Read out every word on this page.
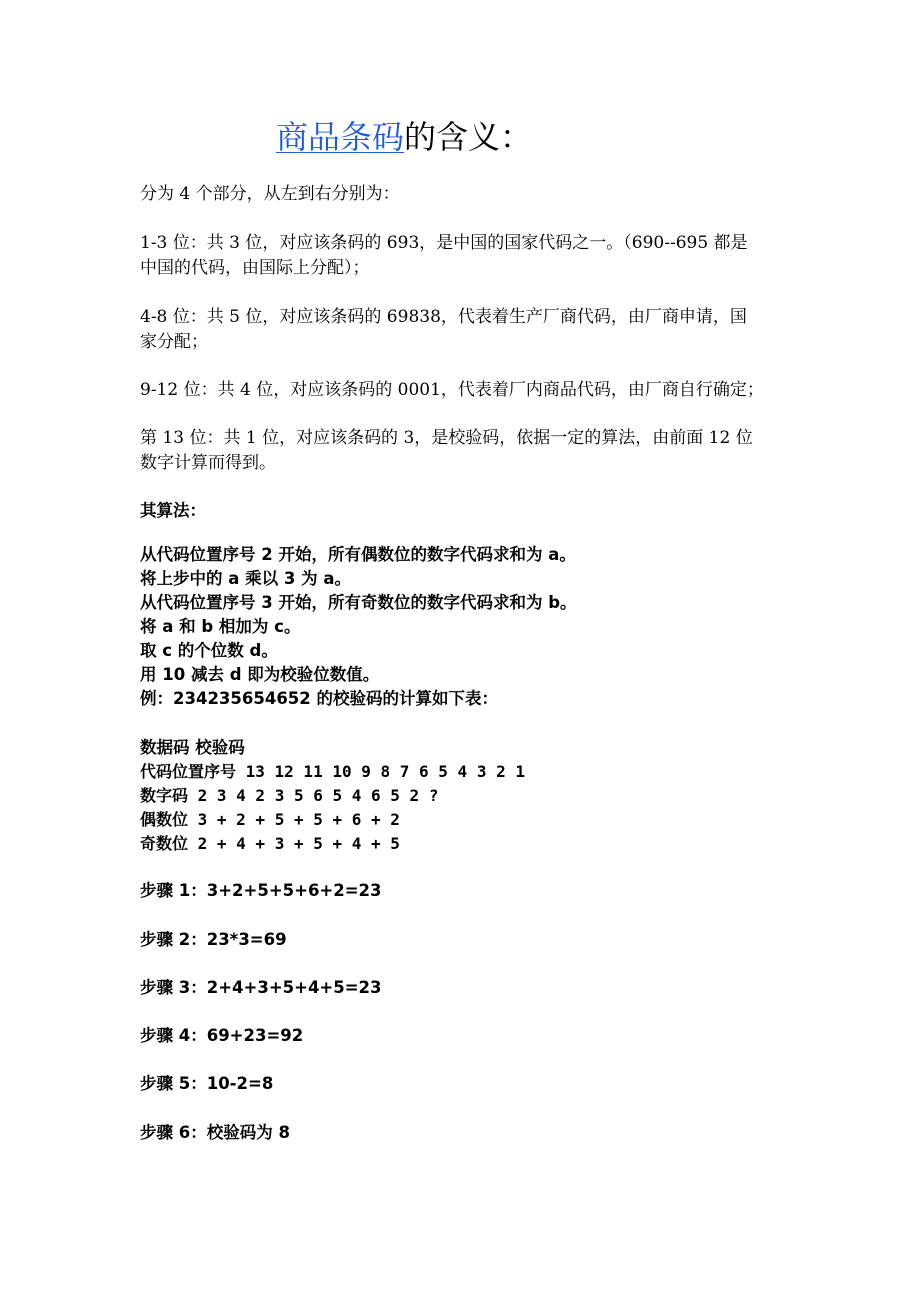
商品条码的含义：
分为 4 个部分，从左到右分别为：
1-3 位：共 3 位，对应该条码的 693，是中国的国家代码之一。（690--695 都是
中国的代码，由国际上分配）；
4-8 位：共 5 位，对应该条码的 69838，代表着生产厂商代码，由厂商申请，国
家分配；
9-12 位：共 4 位，对应该条码的 0001，代表着厂内商品代码，由厂商自行确定；
第 13 位：共 1 位，对应该条码的 3，是校验码，依据一定的算法，由前面 12 位
数字计算而得到。
其算法：
从代码位置序号 2 开始，所有偶数位的数字代码求和为 a。
将上步中的 a 乘以 3 为 a。
从代码位置序号 3 开始，所有奇数位的数字代码求和为 b。
将 a 和 b 相加为 c。
取 c 的个位数 d。
用 10 减去 d 即为校验位数值。
例：234235654652 的校验码的计算如下表：
数据码 校验码
代码位置序号 13 12 11 10 9 8 7 6 5 4 3 2 1
数字码 2 3 4 2 3 5 6 5 4 6 5 2 ?
偶数位 3 + 2 + 5 + 5 + 6 + 2
奇数位 2 + 4 + 3 + 5 + 4 + 5
步骤 1：3+2+5+5+6+2=23
步骤 2：23*3=69
步骤 3：2+4+3+5+4+5=23
步骤 4：69+23=92
步骤 5：10-2=8
步骤 6：校验码为 8
